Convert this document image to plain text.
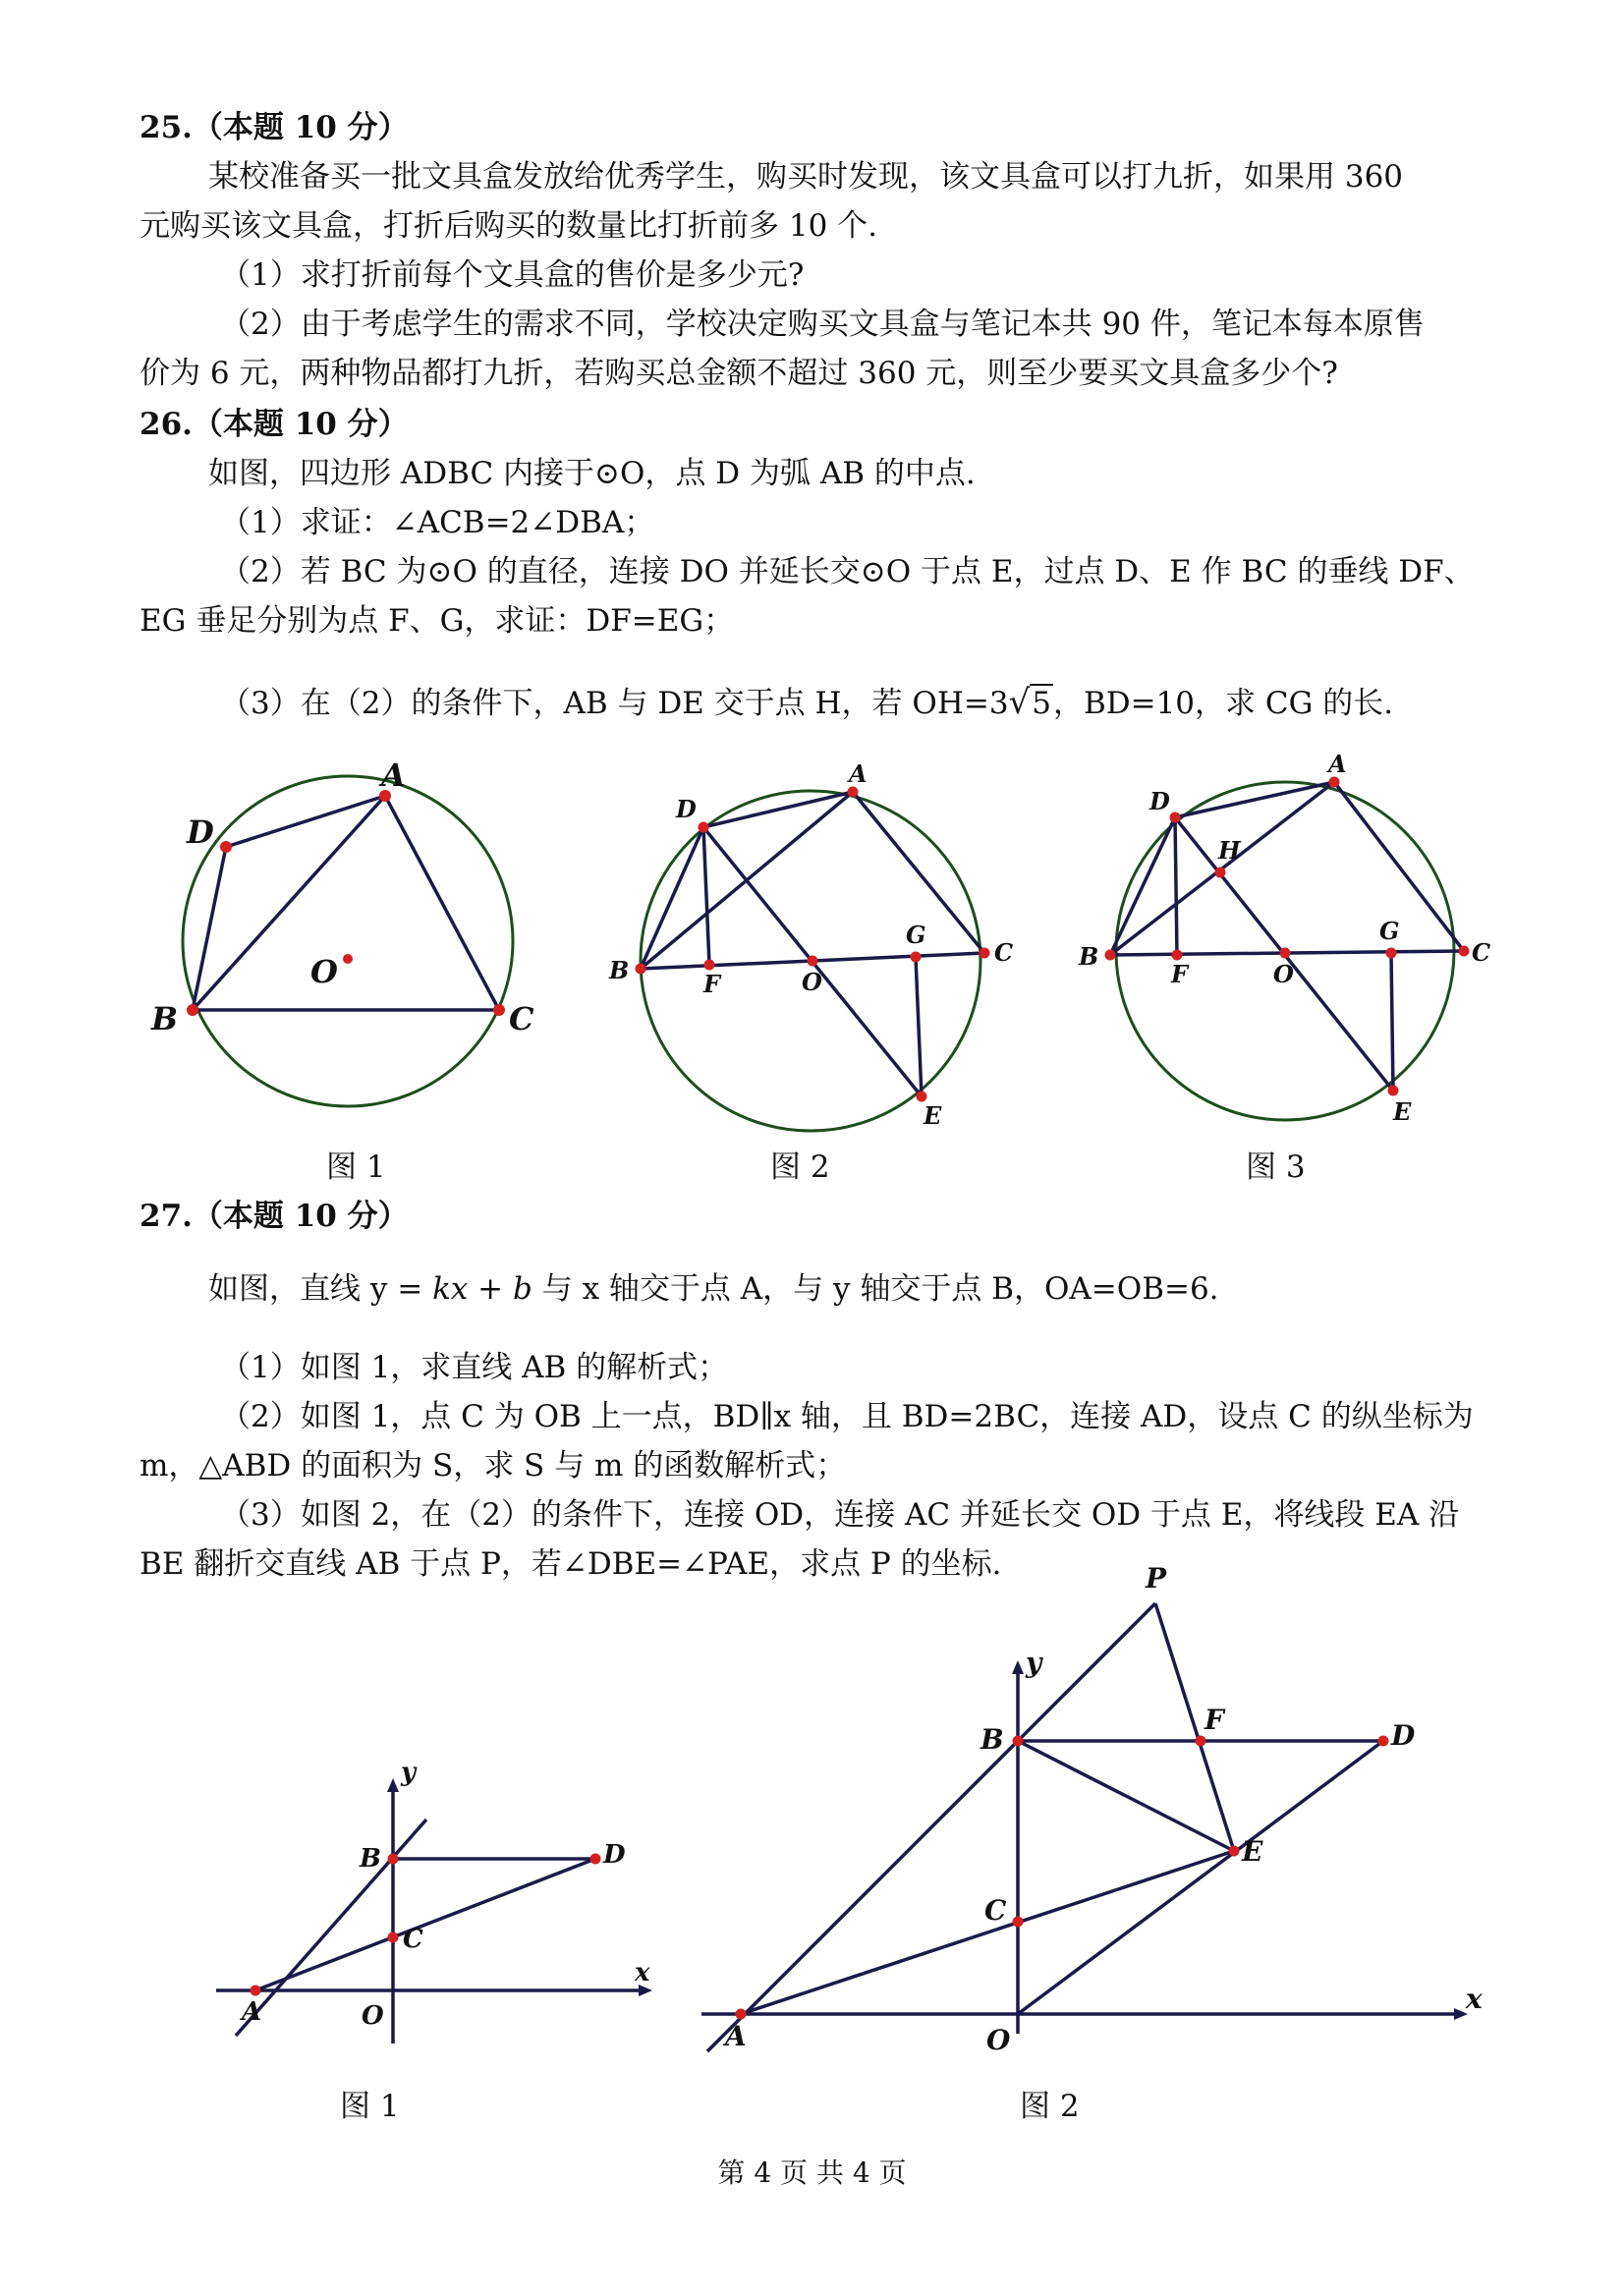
25.（本题 10 分）
某校准备买一批文具盒发放给优秀学生，购买时发现，该文具盒可以打九折，如果用 360
元购买该文具盒，打折后购买的数量比打折前多 10 个.
（1）求打折前每个文具盒的售价是多少元?
（2）由于考虑学生的需求不同，学校决定购买文具盒与笔记本共 90 件，笔记本每本原售
价为 6 元，两种物品都打九折，若购买总金额不超过 360 元，则至少要买文具盒多少个?
26.（本题 10 分）
如图，四边形 ADBC 内接于⊙O，点 D 为弧 AB 的中点.
（1）求证：∠ACB=2∠DBA；
（2）若 BC 为⊙O 的直径，连接 DO 并延长交⊙O 于点 E，过点 D、E 作 BC 的垂线 DF、
EG 垂足分别为点 F、G，求证：DF=EG；
（3）在（2）的条件下，AB 与 DE 交于点 H，若 OH=3√5，BD=10，求 CG 的长.
A
D
O
B	C
图 1
A
D
B	F	O
G
C
E
图 2
A
D
H
B
F	O
G
C
E
图 3
27.（本题 10 分）
如图，直线 y = kx + b 与 x 轴交于点 A，与 y 轴交于点 B，OA=OB=6.
（1）如图 1，求直线 AB 的解析式；
（2）如图 1，点 C 为 OB 上一点，BD∥x 轴，且 BD=2BC，连接 AD，设点 C 的纵坐标为
m，△ABD 的面积为 S，求 S 与 m 的函数解析式；
（3）如图 2，在（2）的条件下，连接 OD，连接 AC 并延长交 OD 于点 E，将线段 EA 沿
BE 翻折交直线 AB 于点 P，若∠DBE=∠PAE，求点 P 的坐标.
y
x
B
C
D
A	O
图 1
P
y
B
F	D
E
C
x
A	O
图 2
第 4 页 共 4 页
